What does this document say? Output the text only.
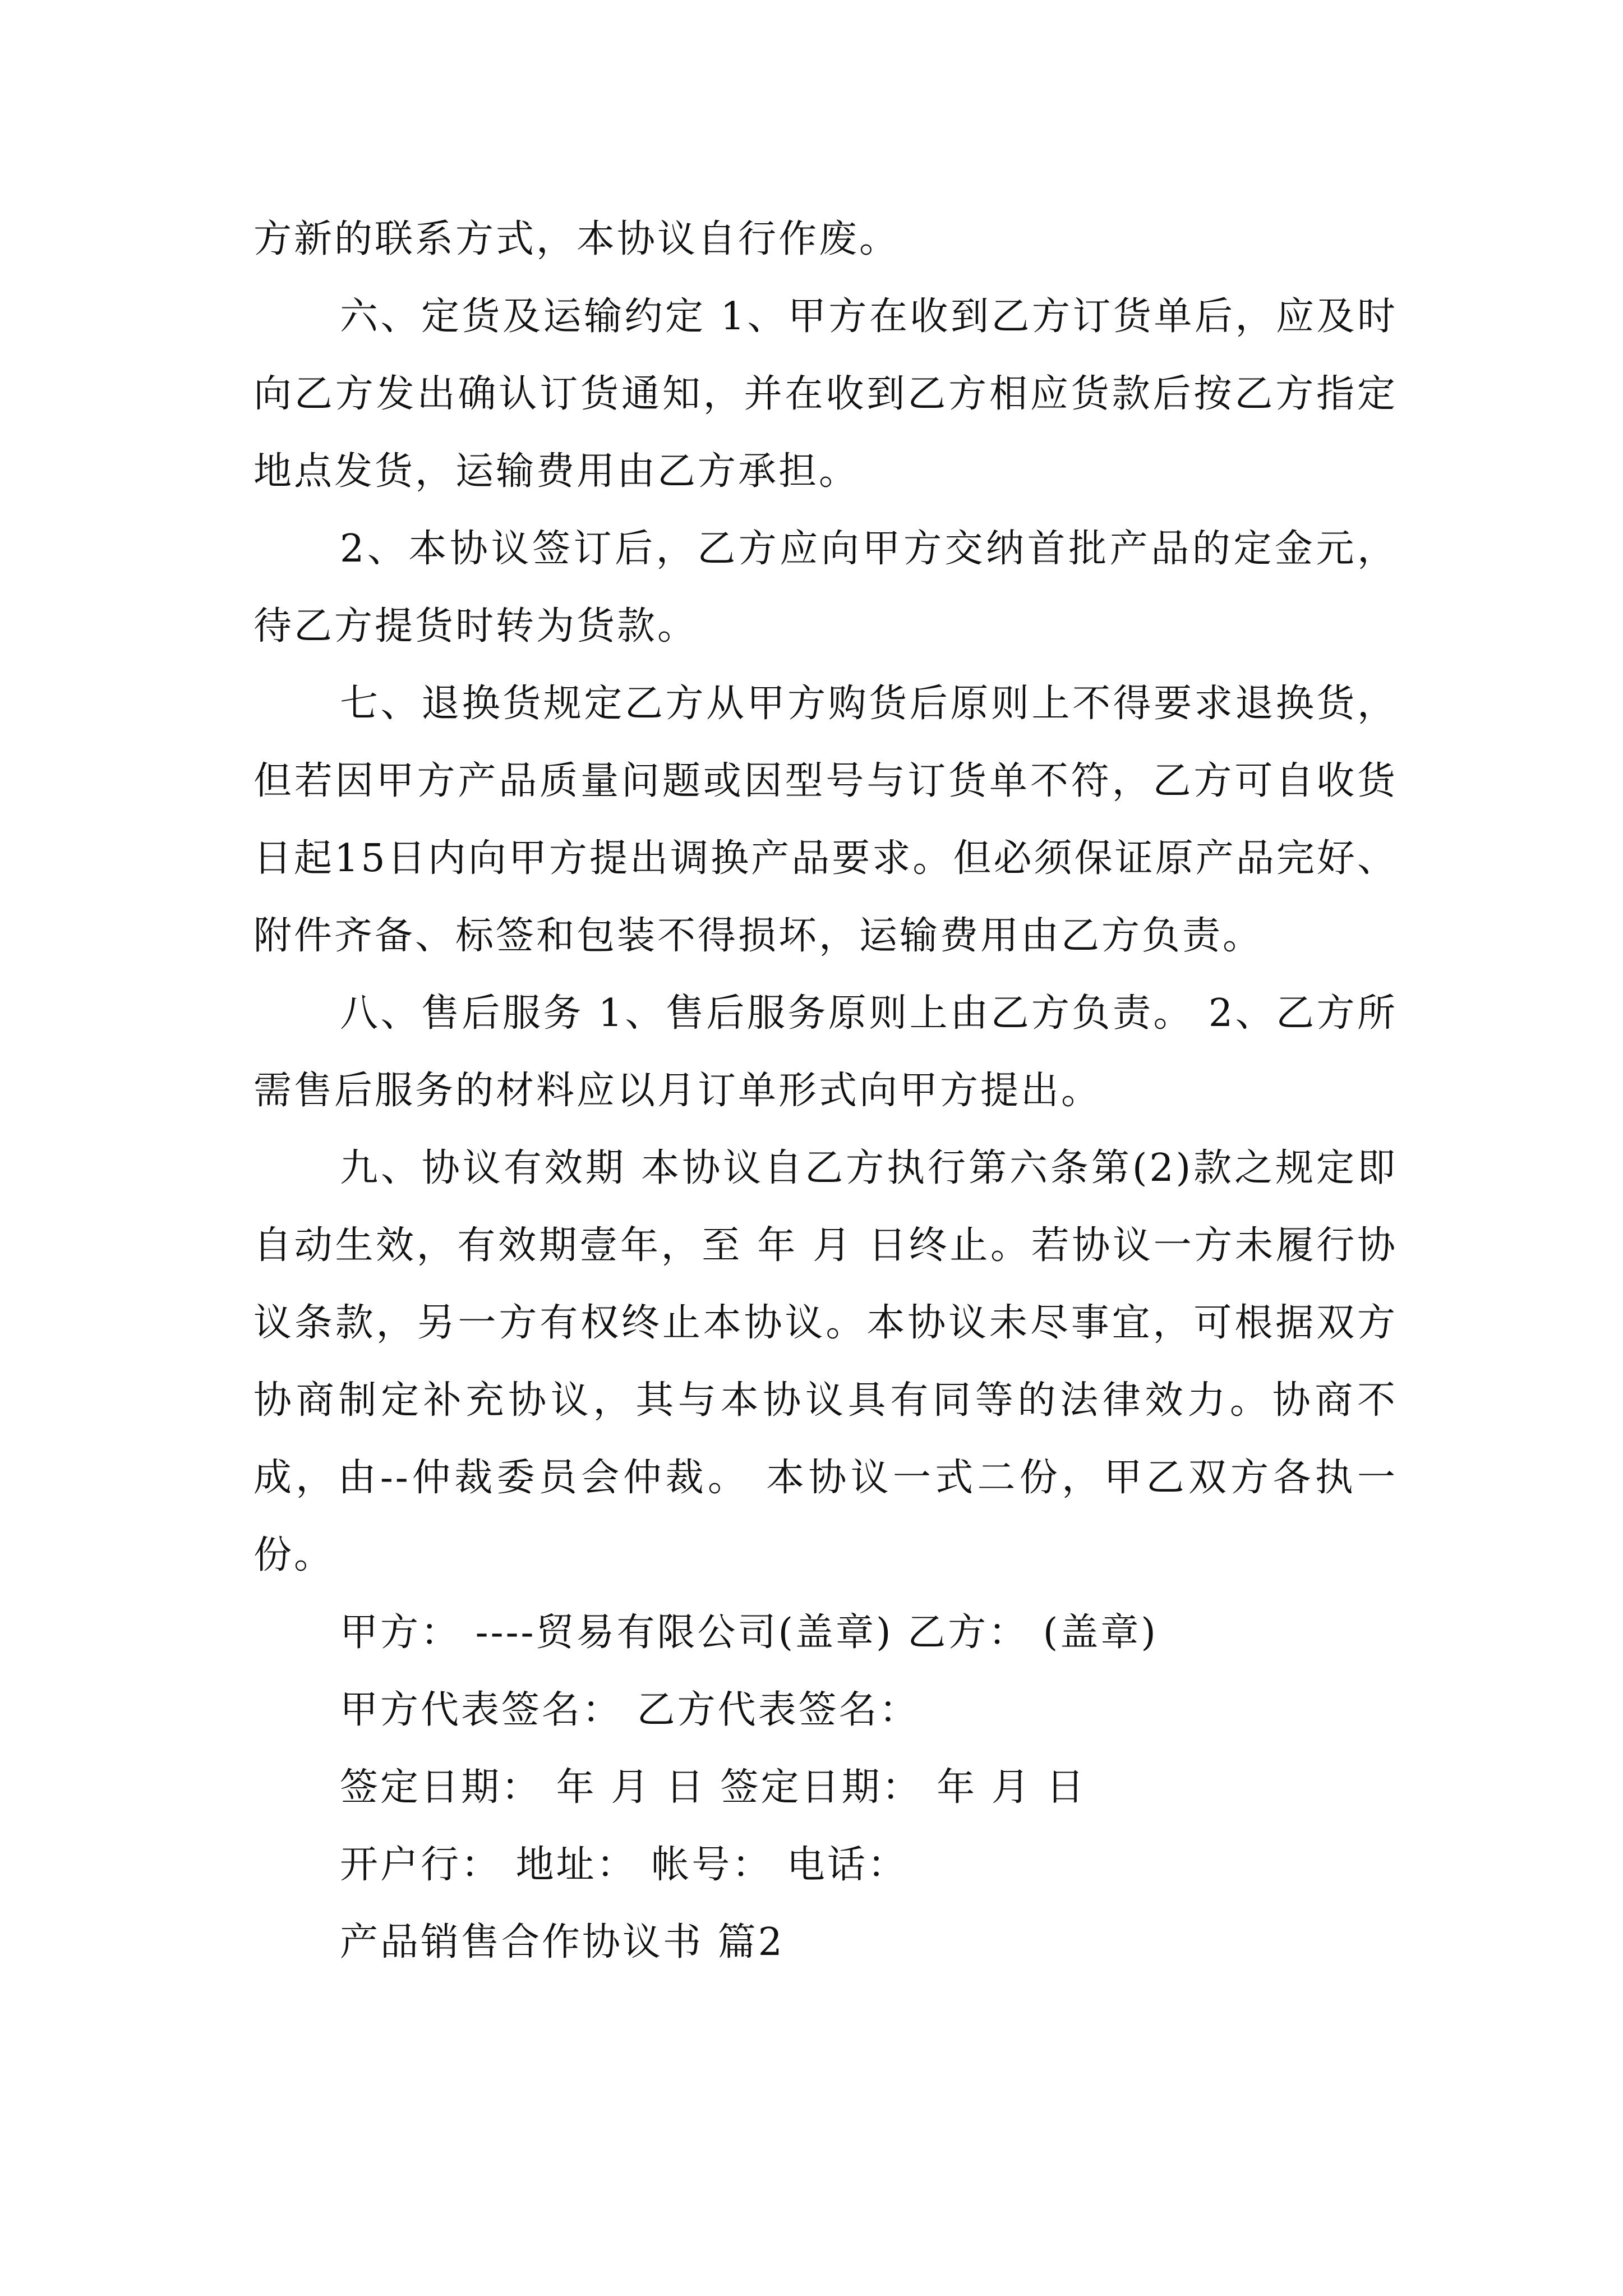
方新的联系方式，本协议自行作废。

六、定货及运输约定 1、甲方在收到乙方订货单后，应及时向乙方发出确认订货通知，并在收到乙方相应货款后按乙方指定地点发货，运输费用由乙方承担。

2、本协议签订后，乙方应向甲方交纳首批产品的定金元，待乙方提货时转为货款。

七、退换货规定乙方从甲方购货后原则上不得要求退换货，但若因甲方产品质量问题或因型号与订货单不符，乙方可自收货日起15日内向甲方提出调换产品要求。但必须保证原产品完好、附件齐备、标签和包装不得损坏，运输费用由乙方负责。

八、售后服务 1、售后服务原则上由乙方负责。 2、乙方所需售后服务的材料应以月订单形式向甲方提出。

九、协议有效期 本协议自乙方执行第六条第(2)款之规定即自动生效，有效期壹年，至 年 月 日终止。若协议一方未履行协议条款，另一方有权终止本协议。本协议未尽事宜，可根据双方协商制定补充协议，其与本协议具有同等的法律效力。协商不成，由--仲裁委员会仲裁。 本协议一式二份，甲乙双方各执一份。

甲方： ----贸易有限公司(盖章) 乙方： (盖章)

甲方代表签名： 乙方代表签名：

签定日期： 年 月 日 签定日期： 年 月 日

开户行： 地址： 帐号： 电话：

产品销售合作协议书 篇2
